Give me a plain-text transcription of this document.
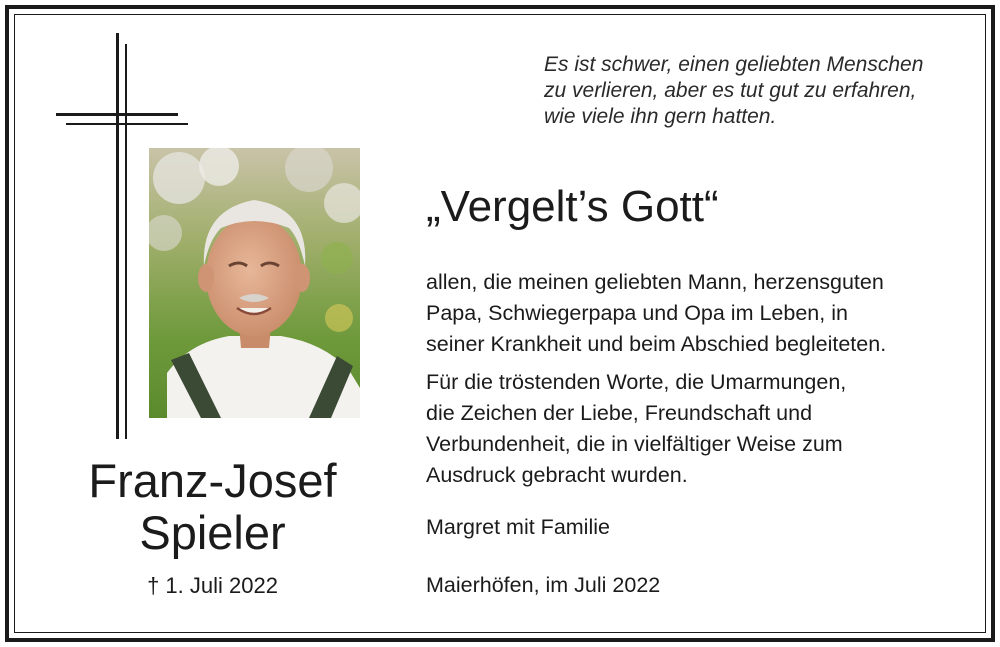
Franz-Josef
Spieler
† 1. Juli 2022
Es ist schwer, einen geliebten Menschen
zu verlieren, aber es tut gut zu erfahren,
wie viele ihn gern hatten.
„Vergelt’s Gott“
allen, die meinen geliebten Mann, herzensguten
Papa, Schwiegerpapa und Opa im Leben, in
seiner Krankheit und beim Abschied begleiteten.
Für die tröstenden Worte, die Umarmungen,
die Zeichen der Liebe, Freundschaft und
Verbundenheit, die in vielfältiger Weise zum
Ausdruck gebracht wurden.
Margret mit Familie
Maierhöfen, im Juli 2022
